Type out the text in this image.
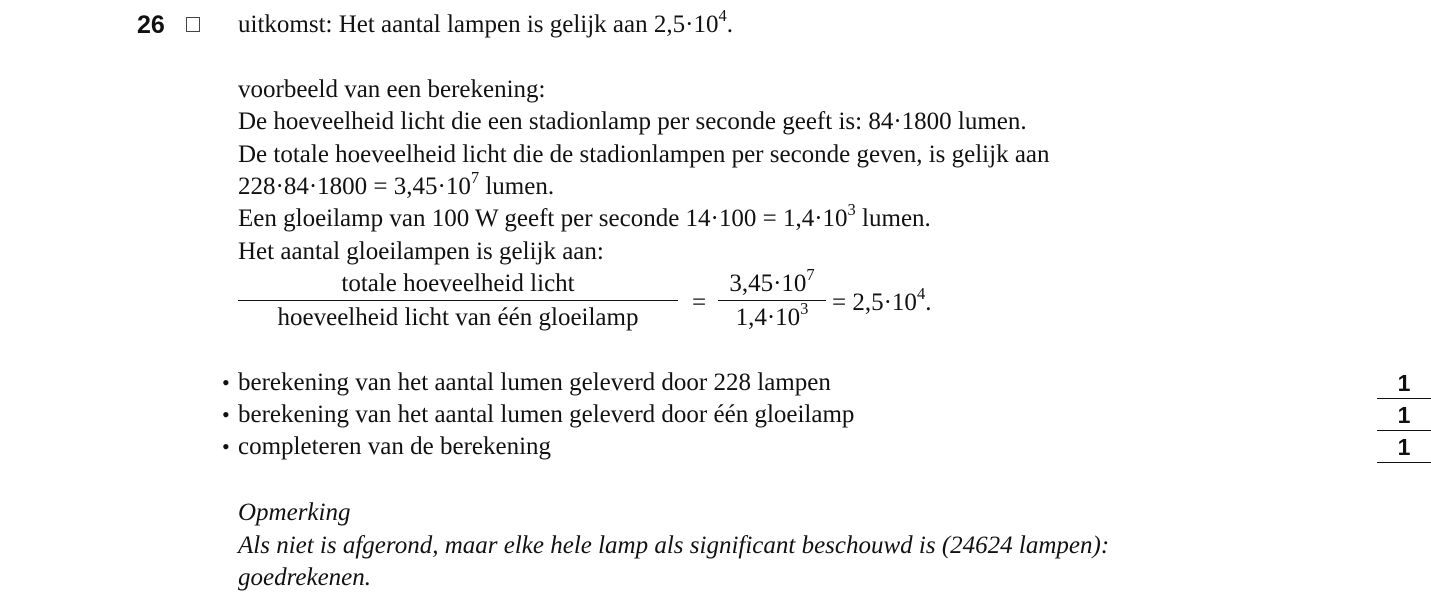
26	uitkomst: Het aantal lampen is gelijk aan $2,5\cdot 10^4$.
voorbeeld van een berekening:
De hoeveelheid licht die een stadionlamp per seconde geeft is: 84·1800 lumen.
De totale hoeveelheid licht die de stadionlampen per seconde geven, is gelijk aan
$228\cdot 84\cdot 1800 = 3,45\cdot 10^7$ lumen.
Een gloeilamp van 100 W geeft per seconde $14\cdot 100 = 1,4\cdot 10^3$ lumen.
Het aantal gloeilampen is gelijk aan:
totale hoeveelheid licht
hoeveelheid licht van één gloeilamp
=
$3,45\cdot 10^7$
$1,4\cdot 10^3 = 2,5\cdot 10^4$.
• berekening van het aantal lumen geleverd door 228 lampen	1
• berekening van het aantal lumen geleverd door één gloeilamp	1
• completeren van de berekening	1
Opmerking
Als niet is afgerond, maar elke hele lamp als significant beschouwd is (24624 lampen):
goedrekenen.
